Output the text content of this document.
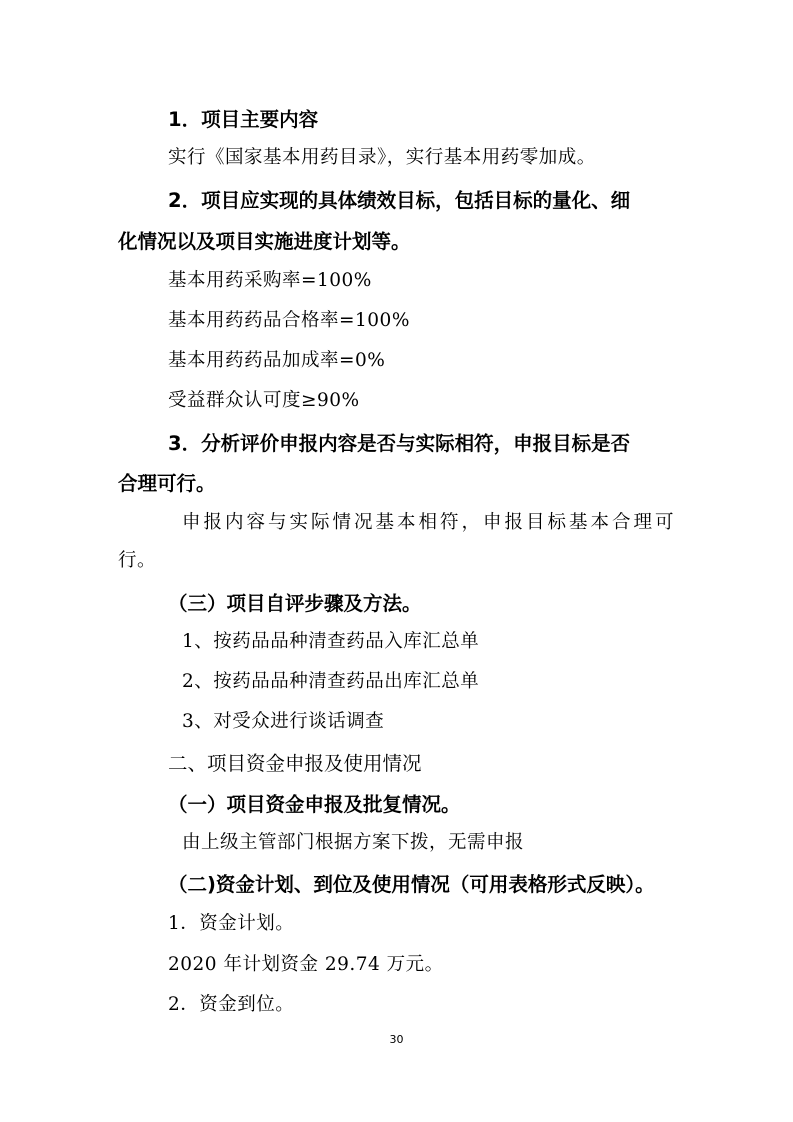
1．项目主要内容
实行《国家基本用药目录》，实行基本用药零加成。
2．项目应实现的具体绩效目标，包括目标的量化、细
化情况以及项目实施进度计划等。
基本用药采购率=100%
基本用药药品合格率=100%
基本用药药品加成率=0%
受益群众认可度≥90%
3．分析评价申报内容是否与实际相符，申报目标是否
合理可行。
申报内容与实际情况基本相符，申报目标基本合理可
行。
（三）项目自评步骤及方法。
1、按药品品种清查药品入库汇总单
2、按药品品种清查药品出库汇总单
3、对受众进行谈话调查
二、项目资金申报及使用情况
（一）项目资金申报及批复情况。
由上级主管部门根据方案下拨，无需申报
（二)资金计划、到位及使用情况（可用表格形式反映）。
1．资金计划。
2020 年计划资金 29.74 万元。
2．资金到位。
30
